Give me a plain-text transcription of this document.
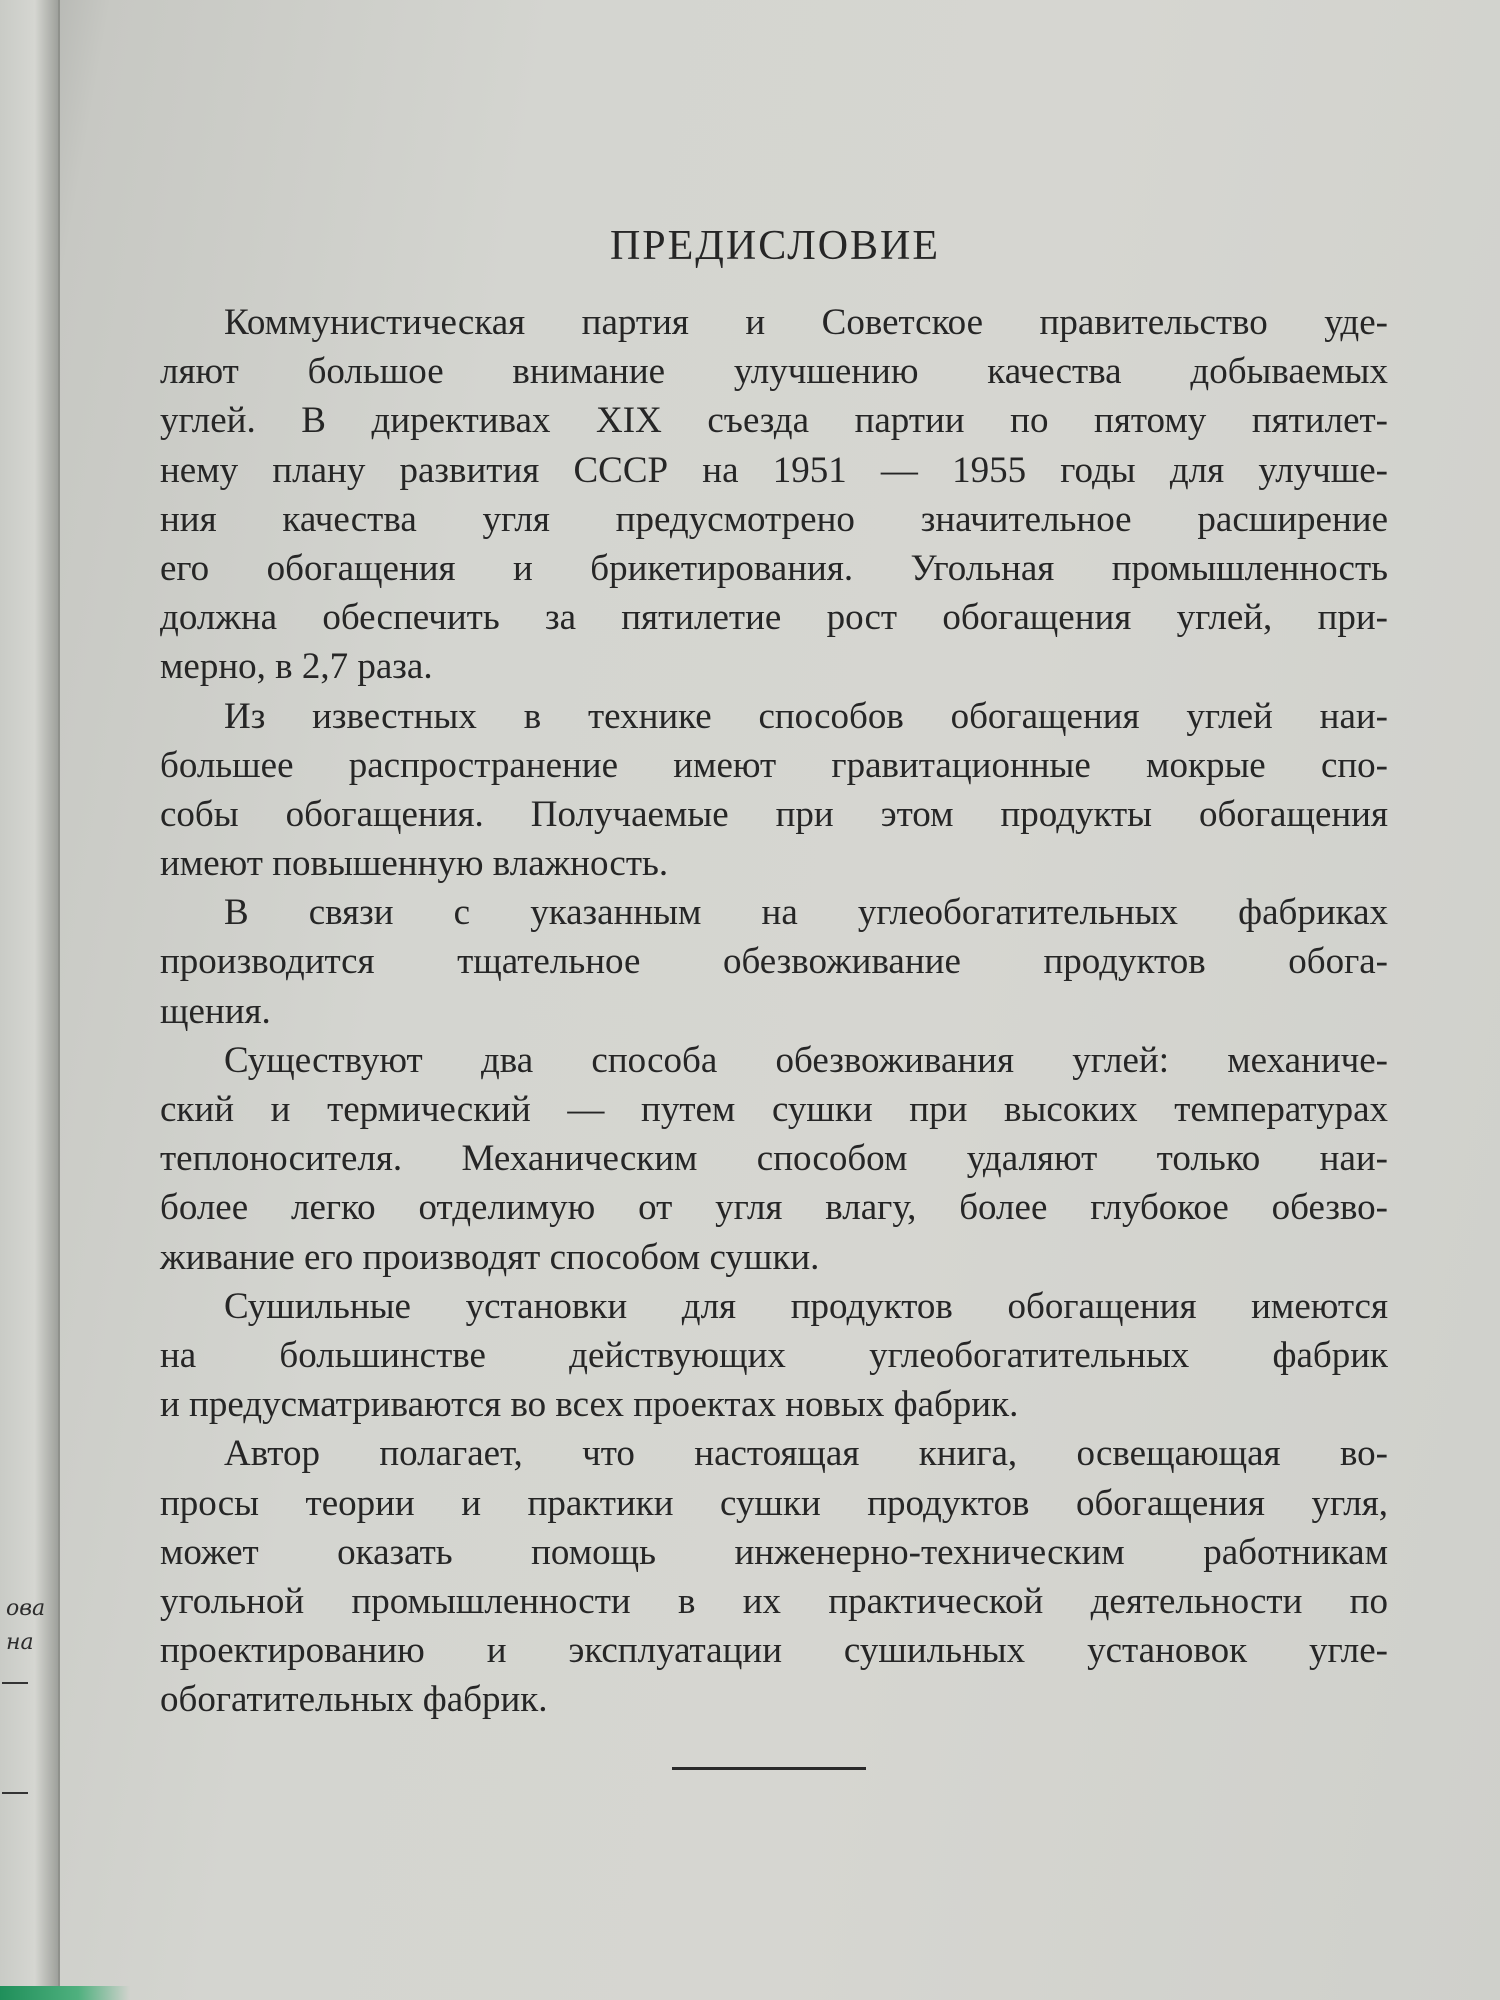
ова
на
ПРЕДИСЛОВИЕ
Коммунистическая партия и Советское правительство уде-
ляют большое внимание улучшению качества добываемых
углей. В директивах XIX съезда партии по пятому пятилет-
нему плану развития СССР на 1951 — 1955 годы для улучше-
ния качества угля предусмотрено значительное расширение
его обогащения и брикетирования. Угольная промышленность
должна обеспечить за пятилетие рост обогащения углей, при-
мерно, в 2,7 раза.
Из известных в технике способов обогащения углей наи-
большее распространение имеют гравитационные мокрые спо-
собы обогащения. Получаемые при этом продукты обогащения
имеют повышенную влажность.
В связи с указанным на углеобогатительных фабриках
производится тщательное обезвоживание продуктов обога-
щения.
Существуют два способа обезвоживания углей: механиче-
ский и термический — путем сушки при высоких температурах
теплоносителя. Механическим способом удаляют только наи-
более легко отделимую от угля влагу, более глубокое обезво-
живание его производят способом сушки.
Сушильные установки для продуктов обогащения имеются
на большинстве действующих углеобогатительных фабрик
и предусматриваются во всех проектах новых фабрик.
Автор полагает, что настоящая книга, освещающая во-
просы теории и практики сушки продуктов обогащения угля,
может оказать помощь инженерно-техническим работникам
угольной промышленности в их практической деятельности по
проектированию и эксплуатации сушильных установок угле-
обогатительных фабрик.
